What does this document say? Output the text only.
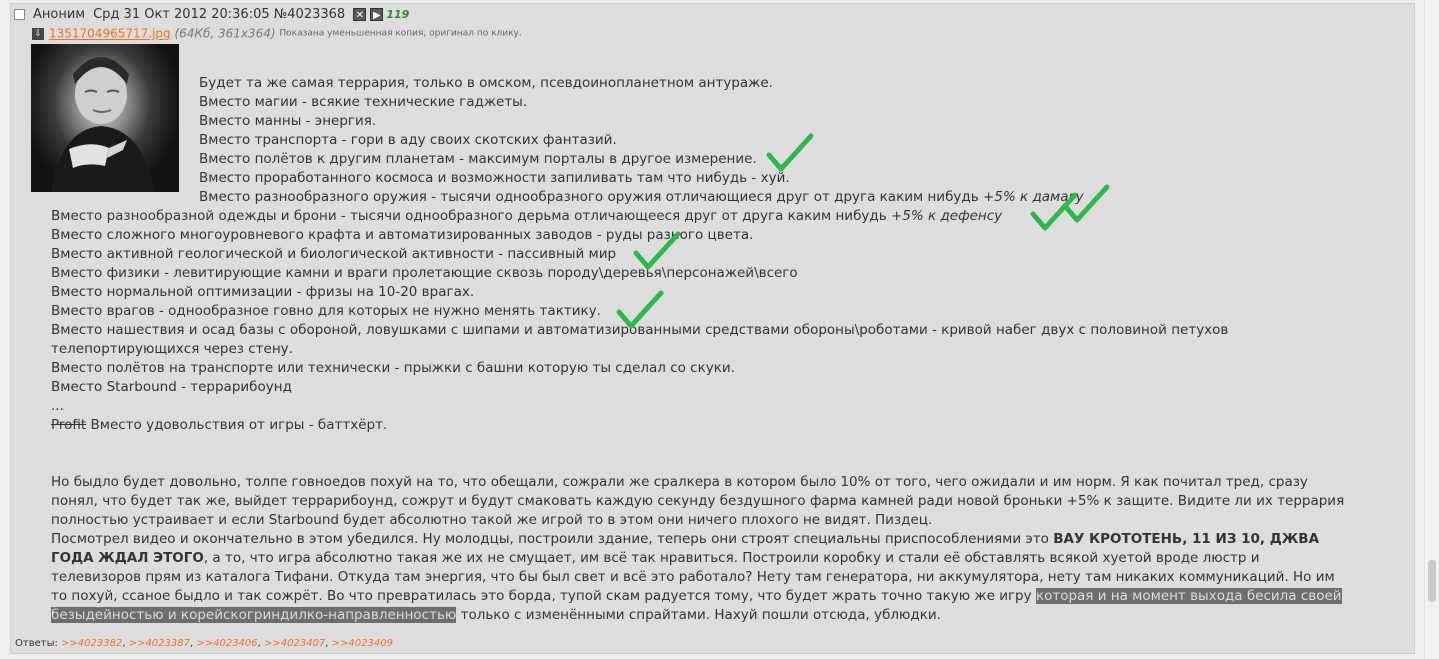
Аноним Срд 31 Окт 2012 20:36:05 №4023368 ✕ ▶ 119
⇩ 1351704965717.jpg (64Кб, 361x364) Показана уменьшенная копия, оригинал по клику.
Будет та же самая террария, только в омском, псевдоинопланетном антураже.
Вместо магии - всякие технические гаджеты.
Вместо манны - энергия.
Вместо транспорта - гори в аду своих скотских фантазий.
Вместо полётов к другим планетам - максимум порталы в другое измерение.
Вместо проработанного космоса и возможности запиливать там что нибудь - хуй.
Вместо разнообразного оружия - тысячи однообразного оружия отличающиеся друг от друга каким нибудь +5% к дамагу
Вместо разнообразной одежды и брони - тысячи однообразного дерьма отличающееся друг от друга каким нибудь +5% к дефенсу
Вместо сложного многоуровневого крафта и автоматизированных заводов - руды разного цвета.
Вместо активной геологической и биологической активности - пассивный мир
Вместо физики - левитирующие камни и враги пролетающие сквозь породу\деревья\персонажей\всего
Вместо нормальной оптимизации - фризы на 10-20 врагах.
Вместо врагов - однообразное говно для которых не нужно менять тактику.
Вместо нашествия и осад базы с обороной, ловушками с шипами и автоматизированными средствами обороны\роботами - кривой набег двух с половиной петухов
телепортирующихся через стену.
Вместо полётов на транспорте или технически - прыжки с башни которую ты сделал со скуки.
Вместо Starbound - террарибоунд
...
Profit Вместо удовольствия от игры - баттхёрт.
Но быдло будет довольно, толпе говноедов похуй на то, что обещали, сожрали же сралкера в котором было 10% от того, чего ожидали и им норм. Я как почитал тред, сразу
понял, что будет так же, выйдет террарибоунд, сожрут и будут смаковать каждую секунду бездушного фарма камней ради новой броньки +5% к защите. Видите ли их террария
полностью устраивает и если Starbound будет абсолютно такой же игрой то в этом они ничего плохого не видят. Пиздец.
Посмотрел видео и окончательно в этом убедился. Ну молодцы, построили здание, теперь они строят специальны приспособлениями это ВАУ КРОТОТЕНЬ, 11 ИЗ 10, ДЖВА
ГОДА ЖДАЛ ЭТОГО, а то, что игра абсолютно такая же их не смущает, им всё так нравиться. Построили коробку и стали её обставлять всякой хуетой вроде люстр и
телевизоров прям из каталога Тифани. Откуда там энергия, что бы был свет и всё это работало? Нету там генератора, ни аккумулятора, нету там никаких коммуникаций. Но им
то похуй, ссаное быдло и так сожрёт. Во что превратилась это борда, тупой скам радуется тому, что будет жрать точно такую же игру которая и на момент выхода бесила своей
безыдейностью и корейскогриндилко-направленностью только с изменёнными спрайтами. Нахуй пошли отсюда, ублюдки.
Ответы: >>4023382, >>4023387, >>4023406, >>4023407, >>4023409
